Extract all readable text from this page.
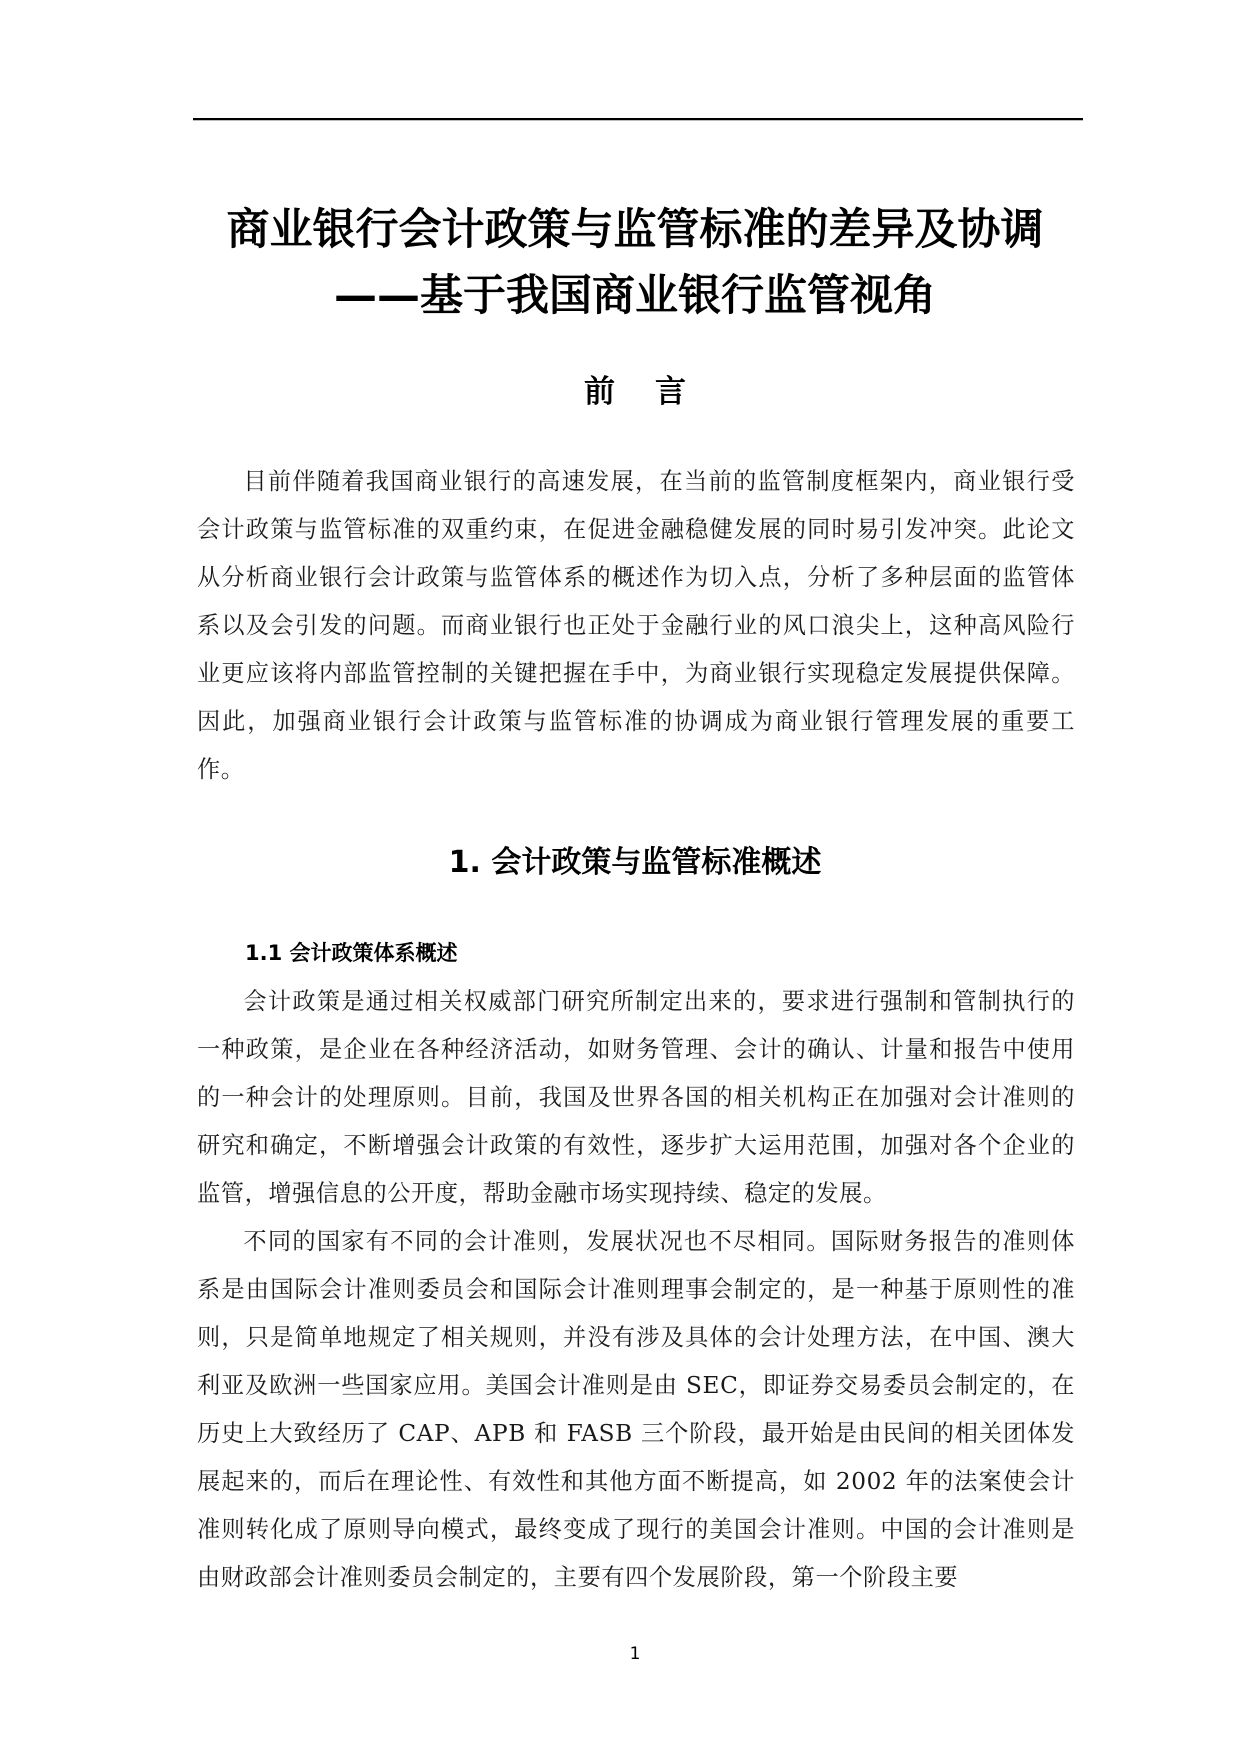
商业银行会计政策与监管标准的差异及协调
——基于我国商业银行监管视角
前 言

目前伴随着我国商业银行的高速发展，在当前的监管制度框架内，商业银行受会计政策与监管标准的双重约束，在促进金融稳健发展的同时易引发冲突。此论文从分析商业银行会计政策与监管体系的概述作为切入点，分析了多种层面的监管体系以及会引发的问题。而商业银行也正处于金融行业的风口浪尖上，这种高风险行业更应该将内部监管控制的关键把握在手中，为商业银行实现稳定发展提供保障。因此，加强商业银行会计政策与监管标准的协调成为商业银行管理发展的重要工作。

1. 会计政策与监管标准概述
1.1 会计政策体系概述

会计政策是通过相关权威部门研究所制定出来的，要求进行强制和管制执行的一种政策，是企业在各种经济活动，如财务管理、会计的确认、计量和报告中使用的一种会计的处理原则。目前，我国及世界各国的相关机构正在加强对会计准则的研究和确定，不断增强会计政策的有效性，逐步扩大运用范围，加强对各个企业的监管，增强信息的公开度，帮助金融市场实现持续、稳定的发展。

不同的国家有不同的会计准则，发展状况也不尽相同。国际财务报告的准则体系是由国际会计准则委员会和国际会计准则理事会制定的，是一种基于原则性的准则，只是简单地规定了相关规则，并没有涉及具体的会计处理方法，在中国、澳大利亚及欧洲一些国家应用。美国会计准则是由 SEC，即证券交易委员会制定的，在历史上大致经历了 CAP、APB 和 FASB 三个阶段，最开始是由民间的相关团体发展起来的，而后在理论性、有效性和其他方面不断提高，如 2002 年的法案使会计准则转化成了原则导向模式，最终变成了现行的美国会计准则。中国的会计准则是由财政部会计准则委员会制定的，主要有四个发展阶段，第一个阶段主要

1
